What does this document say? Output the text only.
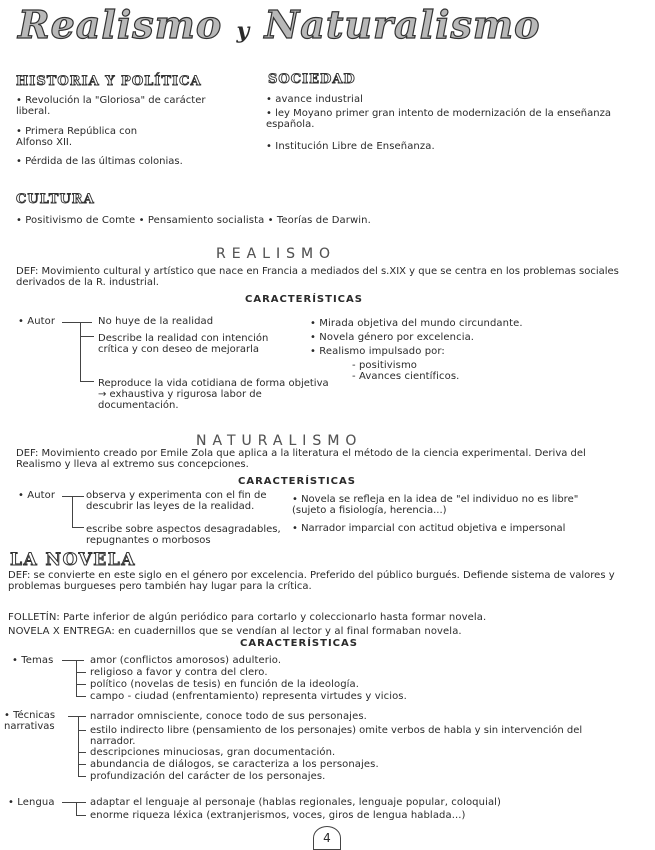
Realismo y Naturalismo
HISTORIA Y POLÍTICA
• Revolución la "Gloriosa" de carácter liberal.
• Primera República con Alfonso XII.
• Pérdida de las últimas colonias.
SOCIEDAD
• avance industrial
• ley Moyano primer gran intento de modernización de la enseñanza española.
• Institución Libre de Enseñanza.
CULTURA
• Positivismo de Comte • Pensamiento socialista • Teorías de Darwin.
REALISMO
DEF: Movimiento cultural y artístico que nace en Francia a mediados del s.XIX y que se centra en los problemas sociales derivados de la R. industrial.
CARACTERÍSTICAS
• Autor	No huye de la realidad
Describe la realidad con intención crítica y con deseo de mejorarla
Reproduce la vida cotidiana de forma objetiva → exhaustiva y rigurosa labor de documentación.
• Mirada objetiva del mundo circundante.
• Novela género por excelencia.
• Realismo impulsado por:
- positivismo
- Avances científicos.
NATURALISMO
DEF: Movimiento creado por Emile Zola que aplica a la literatura el método de la ciencia experimental. Deriva del Realismo y lleva al extremo sus concepciones.
CARACTERÍSTICAS
• Autor	observa y experimenta con el fin de descubrir las leyes de la realidad.
escribe sobre aspectos desagradables, repugnantes o morbosos
• Novela se refleja en la idea de "el individuo no es libre" (sujeto a fisiología, herencia...)
• Narrador imparcial con actitud objetiva e impersonal
LA NOVELA
DEF: se convierte en este siglo en el género por excelencia. Preferido del público burgués. Defiende sistema de valores y problemas burgueses pero también hay lugar para la crítica.
FOLLETÍN: Parte inferior de algún periódico para cortarlo y coleccionarlo hasta formar novela.
NOVELA X ENTREGA: en cuadernillos que se vendían al lector y al final formaban novela.
CARACTERÍSTICAS
• Temas	amor (conflictos amorosos) adulterio.
religioso a favor y contra del clero.
político (novelas de tesis) en función de la ideología.
campo - ciudad (enfrentamiento) representa virtudes y vicios.
• Técnicas narrativas
narrador omnisciente, conoce todo de sus personajes.
estilo indirecto libre (pensamiento de los personajes) omite verbos de habla y sin intervención del narrador.
descripciones minuciosas, gran documentación.
abundancia de diálogos, se caracteriza a los personajes.
profundización del carácter de los personajes.
• Lengua	adaptar el lenguaje al personaje (hablas regionales, lenguaje popular, coloquial)
enorme riqueza léxica (extranjerismos, voces, giros de lengua hablada...)
4
